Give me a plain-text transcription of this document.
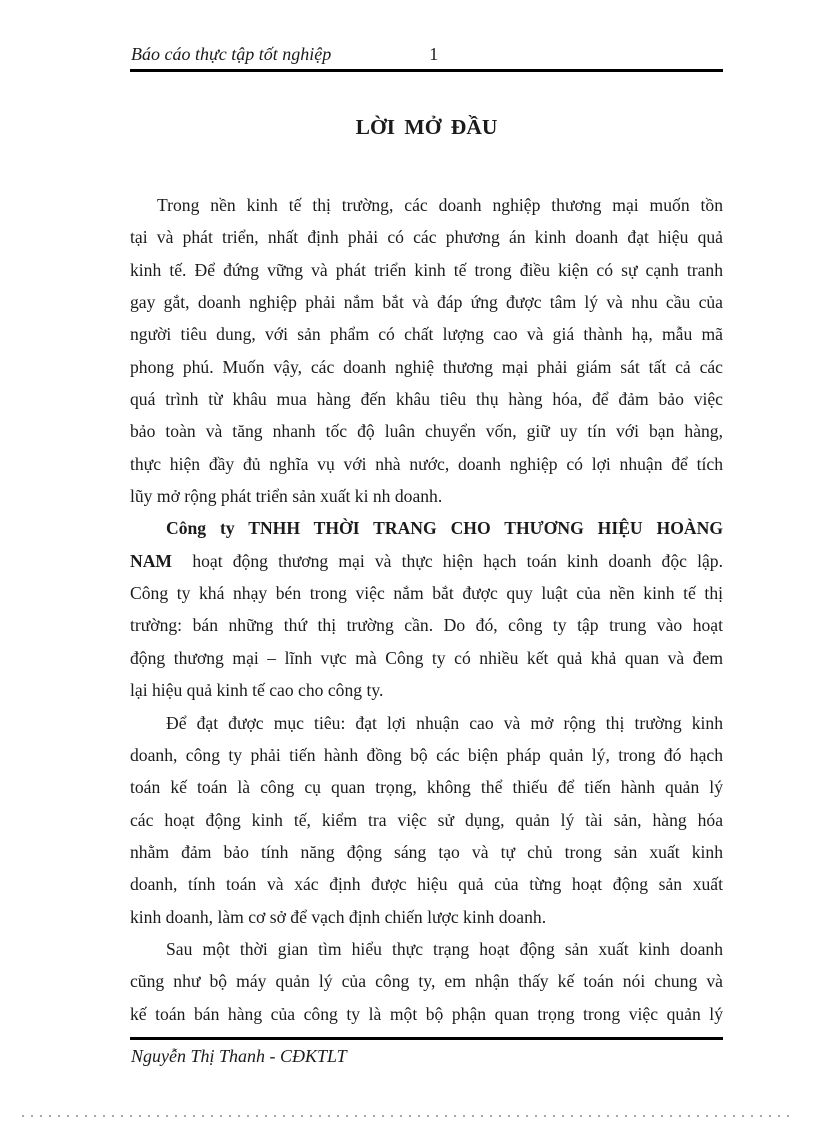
Báo cáo thực tập tốt nghiệp	1
LỜI MỞ ĐẦU
Trong nền kinh tế thị trường, các doanh nghiệp thương mại muốn tồn
tại và phát triển, nhất định phải có các phương án kinh doanh đạt hiệu quả
kinh tế. Để đứng vững và phát triển kinh tế trong điều kiện có sự cạnh tranh
gay gắt, doanh nghiệp phải nắm bắt và đáp ứng được tâm lý và nhu cầu của
người tiêu dung, với sản phẩm có chất lượng cao và giá thành hạ, mẫu mã
phong phú. Muốn vậy, các doanh nghiệ thương mại phải giám sát tất cả các
quá trình từ khâu mua hàng đến khâu tiêu thụ hàng hóa, để đảm bảo việc
bảo toàn và tăng nhanh tốc độ luân chuyển vốn, giữ uy tín với bạn hàng,
thực hiện đầy đủ nghĩa vụ với nhà nước, doanh nghiệp có lợi nhuận để tích
lũy mở rộng phát triển sản xuất ki nh doanh.
Công ty TNHH THỜI TRANG CHO THƯƠNG HIỆU HOÀNG
NAM  hoạt động thương mại và thực hiện hạch toán kinh doanh độc lập.
Công ty khá nhạy bén trong việc nắm bắt được quy luật của nền kinh tế thị
trường: bán những thứ thị trường cần. Do đó, công ty tập trung vào hoạt
động thương mại – lĩnh vực mà Công ty có nhiều kết quả khả quan và đem
lại hiệu quả kinh tế cao cho công ty.
Để đạt được mục tiêu: đạt lợi nhuận cao và mở rộng thị trường kinh
doanh, công ty phải tiến hành đồng bộ các biện pháp quản lý, trong đó hạch
toán kế toán là công cụ quan trọng, không thể thiếu để tiến hành quản lý
các hoạt động kinh tế, kiểm tra việc sử dụng, quản lý tài sản, hàng hóa
nhằm đảm bảo tính năng động sáng tạo và tự chủ trong sản xuất kinh
doanh, tính toán và xác định được hiệu quả của từng hoạt động sản xuất
kinh doanh, làm cơ sở để vạch định chiến lược kinh doanh.
Sau một thời gian tìm hiểu thực trạng hoạt động sản xuất kinh doanh
cũng như bộ máy quản lý của công ty, em nhận thấy kế toán nói chung và
kế toán bán hàng của công ty là một bộ phận quan trọng trong việc quản lý
Nguyễn Thị Thanh - CĐKTLT
